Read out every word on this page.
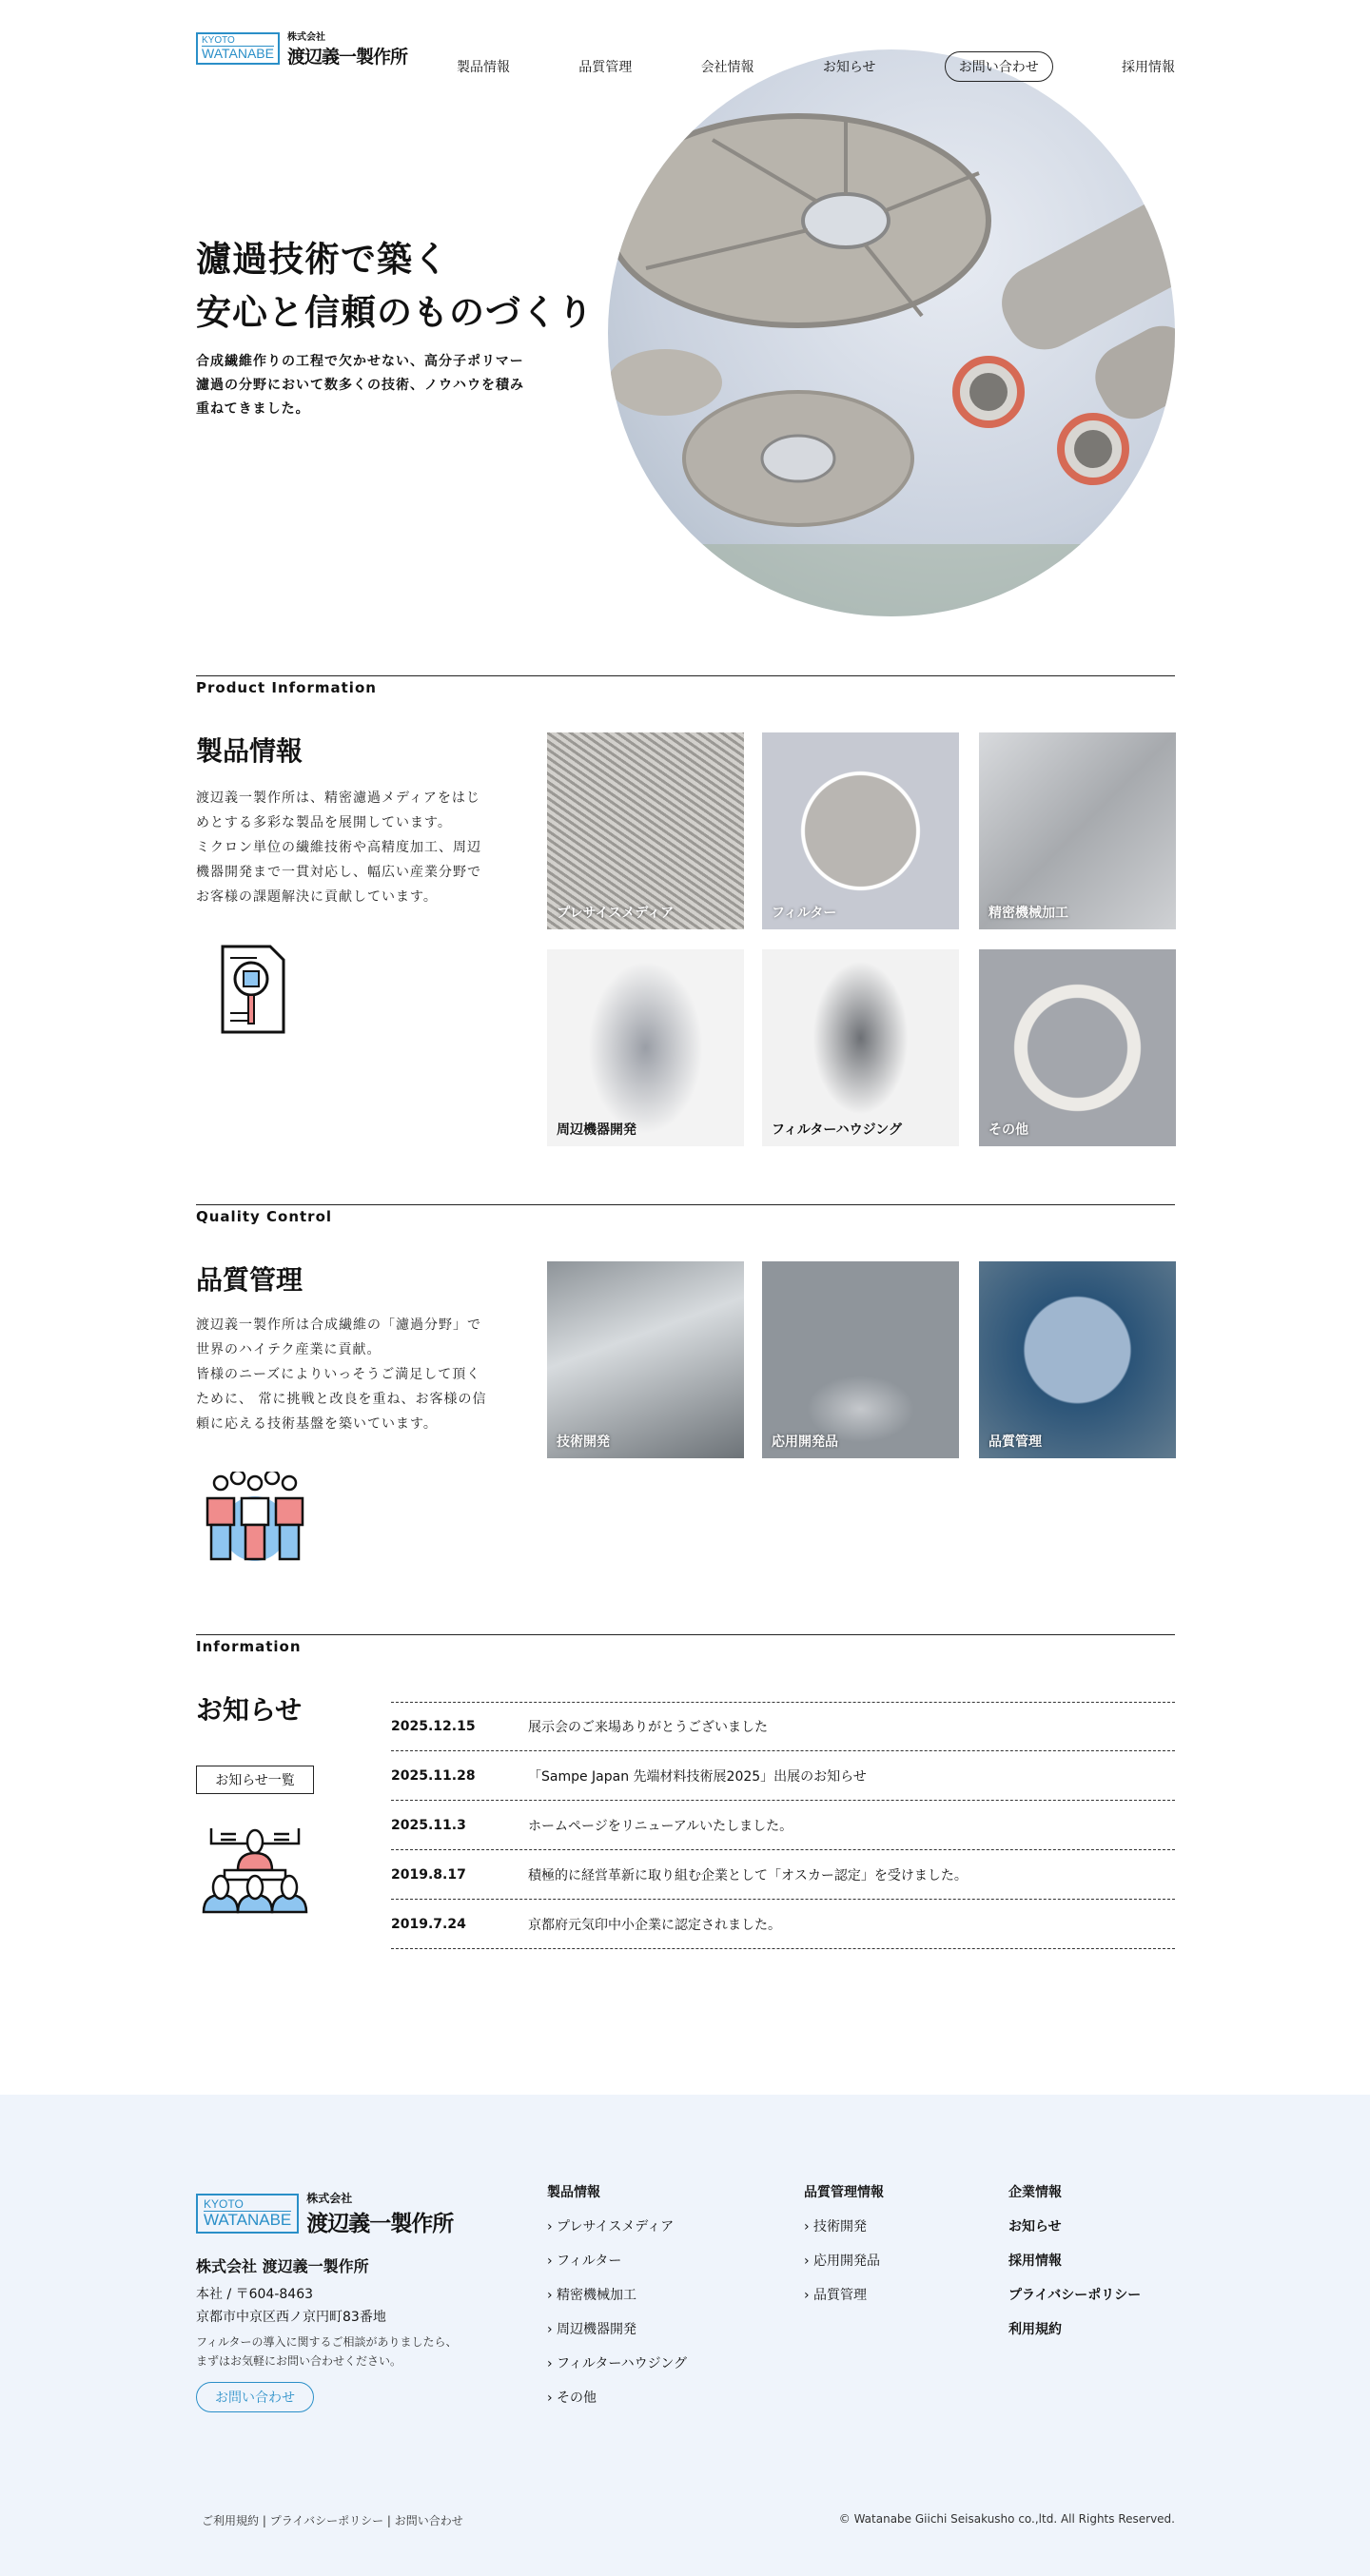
KYOTO
WATANABE
株式会社
渡辺義一製作所	製品情報	品質管理	会社情報	お知らせ	お問い合わせ	採用情報
濾過技術で築く
安心と信頼のものづくり
合成繊維作りの工程で欠かせない、高分子ポリマー
濾過の分野において数多くの技術、ノウハウを積み
重ねてきました。
Product Information
製品情報
渡辺義一製作所は、精密濾過メディアをはじ
めとする多彩な製品を展開しています。
ミクロン単位の繊維技術や高精度加工、周辺
機器開発まで一貫対応し、幅広い産業分野で
お客様の課題解決に貢献しています。
プレサイスメディア	フィルター	精密機械加工
周辺機器開発	フィルターハウジング	その他
Quality Control
品質管理
渡辺義一製作所は合成繊維の「濾過分野」で
世界のハイテク産業に貢献。
皆様のニーズによりいっそうご満足して頂く
ために、 常に挑戦と改良を重ね、お客様の信
頼に応える技術基盤を築いています。
技術開発	応用開発品	品質管理
Information
お知らせ
お知らせ一覧
2025.12.15	展示会のご来場ありがとうございました
2025.11.28	「Sampe Japan 先端材料技術展2025」出展のお知らせ
2025.11.3	ホームページをリニューアルいたしました。
2019.8.17	積極的に経営革新に取り組む企業として「オスカー認定」を受けました。
2019.7.24	京都府元気印中小企業に認定されました。
KYOTO
WATANABE
株式会社
渡辺義一製作所
株式会社 渡辺義一製作所
本社 / 〒604-8463
京都市中京区西ノ京円町83番地
フィルターの導入に関するご相談がありましたら、
まずはお気軽にお問い合わせください。
お問い合わせ
製品情報
› プレサイスメディア
› フィルター
› 精密機械加工
› 周辺機器開発
› フィルターハウジング
› その他
品質管理情報
› 技術開発
› 応用開発品
› 品質管理
企業情報
お知らせ
採用情報
プライバシーポリシー
利用規約
ご利用規約 | プライバシーポリシー | お問い合わせ	© Watanabe Giichi Seisakusho co.,ltd. All Rights Reserved.
